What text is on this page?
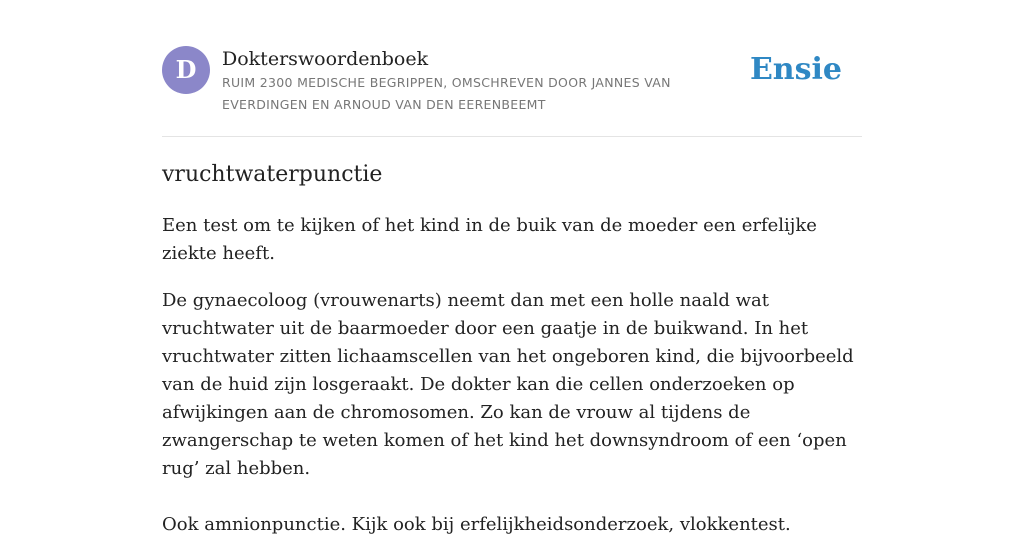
D	Dokterswoordenboek
RUIM 2300 MEDISCHE BEGRIPPEN, OMSCHREVEN DOOR JANNES VAN EVERDINGEN EN ARNOUD VAN DEN EERENBEEMT
Ensie
vruchtwaterpunctie

Een test om te kijken of het kind in de buik van de moeder een erfelijke ziekte heeft.

De gynaecoloog (vrouwenarts) neemt dan met een holle naald wat vruchtwater uit de baarmoeder door een gaatje in de buikwand. In het vruchtwater zitten lichaamscellen van het ongeboren kind, die bijvoorbeeld van de huid zijn losgeraakt. De dokter kan die cellen onderzoeken op afwijkingen aan de chromosomen. Zo kan de vrouw al tijdens de zwangerschap te weten komen of het kind het downsyndroom of een ‘open rug’ zal hebben.

Ook amnionpunctie. Kijk ook bij erfelijkheidsonderzoek, vlokkentest.
